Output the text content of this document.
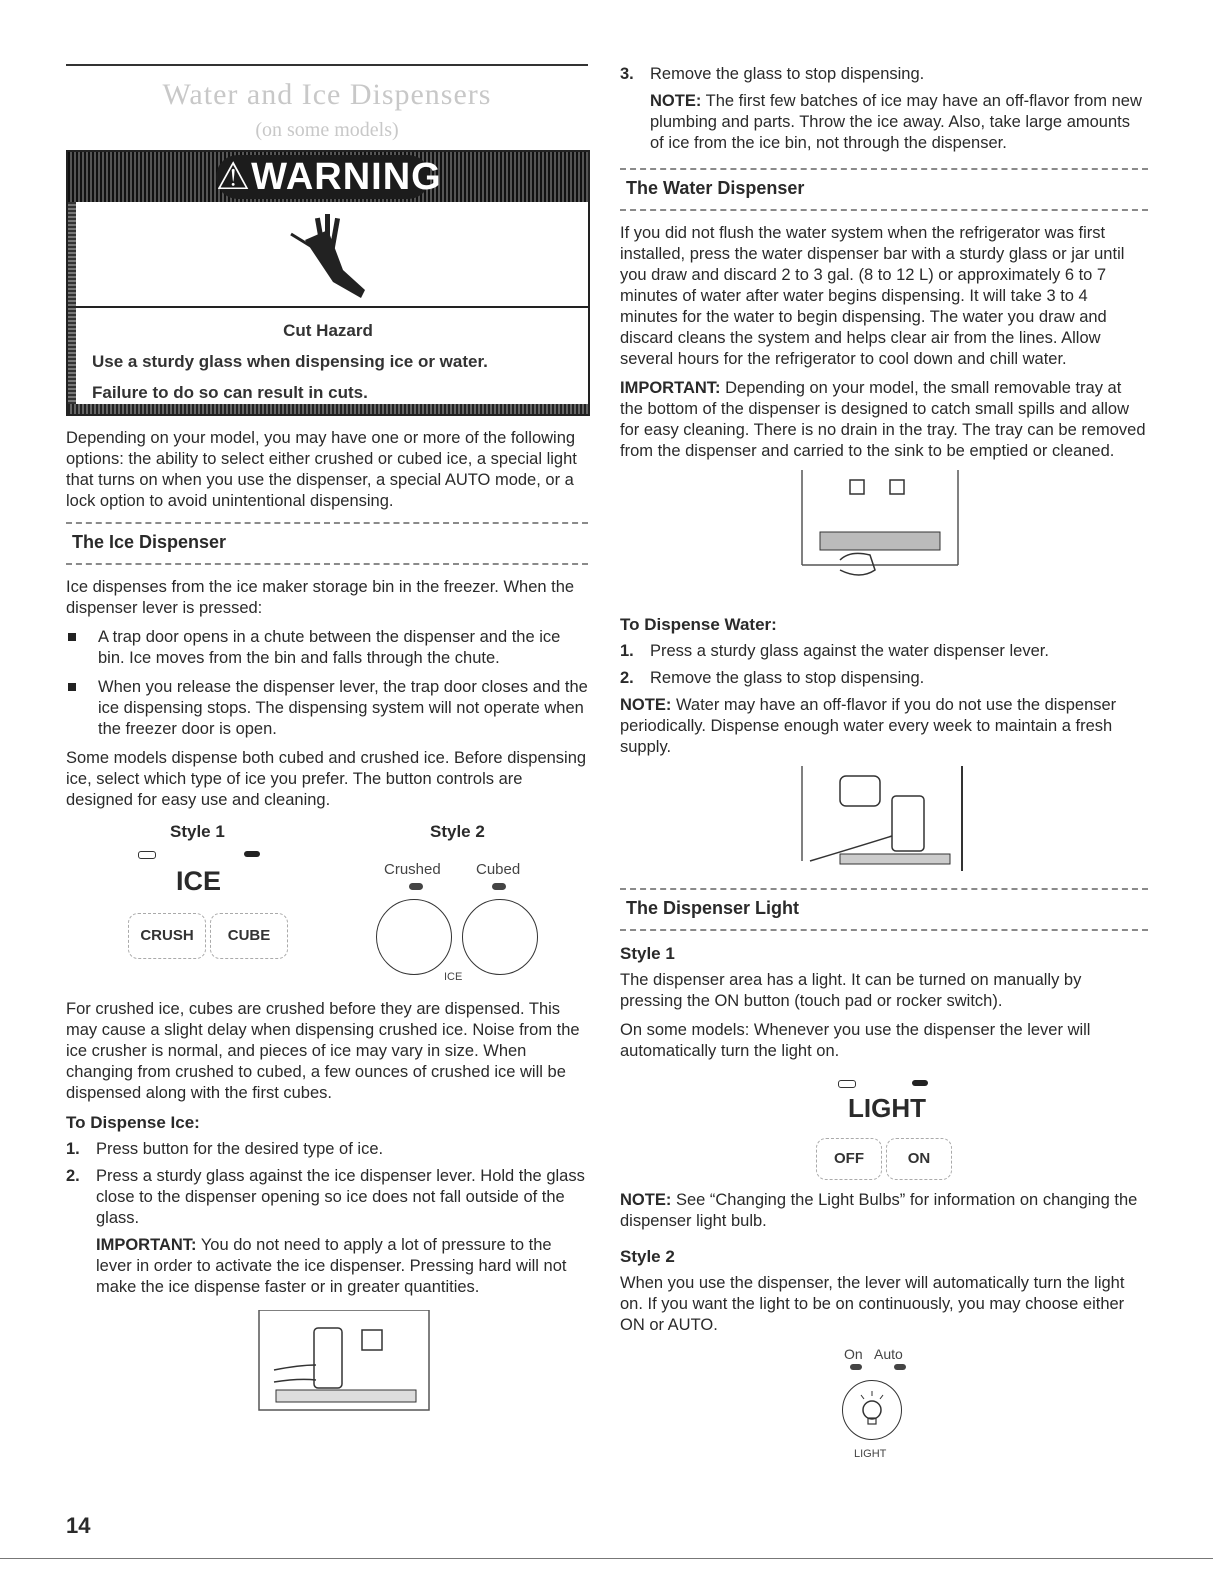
Water and Ice Dispensers
(on some models)
⚠WARNING
Cut Hazard
Use a sturdy glass when dispensing ice or water.
Failure to do so can result in cuts.

Depending on your model, you may have one or more of the following options: the ability to select either crushed or cubed ice, a special light that turns on when you use the dispenser, a special AUTO mode, or a lock option to avoid unintentional dispensing.

The Ice Dispenser

Ice dispenses from the ice maker storage bin in the freezer. When the dispenser lever is pressed:

A trap door opens in a chute between the dispenser and the ice bin. Ice moves from the bin and falls through the chute.
When you release the dispenser lever, the trap door closes and the ice dispensing stops. The dispensing system will not operate when the freezer door is open.

Some models dispense both cubed and crushed ice. Before dispensing ice, select which type of ice you prefer. The button controls are designed for easy use and cleaning.

Style 1	Style 2
ICE
CRUSH	CUBE
Crushed Cubed
ICE

For crushed ice, cubes are crushed before they are dispensed. This may cause a slight delay when dispensing crushed ice. Noise from the ice crusher is normal, and pieces of ice may vary in size. When changing from crushed to cubed, a few ounces of crushed ice will be dispensed along with the first cubes.

To Dispense Ice:
1. Press button for the desired type of ice.
2. Press a sturdy glass against the ice dispenser lever. Hold the glass close to the dispenser opening so ice does not fall outside of the glass.
IMPORTANT: You do not need to apply a lot of pressure to the lever in order to activate the ice dispenser. Pressing hard will not make the ice dispense faster or in greater quantities.
3. Remove the glass to stop dispensing.
NOTE: The first few batches of ice may have an off-flavor from new plumbing and parts. Throw the ice away. Also, take large amounts of ice from the ice bin, not through the dispenser.
The Water Dispenser

If you did not flush the water system when the refrigerator was first installed, press the water dispenser bar with a sturdy glass or jar until you draw and discard 2 to 3 gal. (8 to 12 L) or approximately 6 to 7 minutes of water after water begins dispensing. It will take 3 to 4 minutes for the water to begin dispensing. The water you draw and discard cleans the system and helps clear air from the lines. Allow several hours for the refrigerator to cool down and chill water.

IMPORTANT: Depending on your model, the small removable tray at the bottom of the dispenser is designed to catch small spills and allow for easy cleaning. There is no drain in the tray. The tray can be removed from the dispenser and carried to the sink to be emptied or cleaned.

To Dispense Water:
1. Press a sturdy glass against the water dispenser lever.
2. Remove the glass to stop dispensing.

NOTE: Water may have an off-flavor if you do not use the dispenser periodically. Dispense enough water every week to maintain a fresh supply.

The Dispenser Light
Style 1

The dispenser area has a light. It can be turned on manually by pressing the ON button (touch pad or rocker switch).

On some models: Whenever you use the dispenser the lever will automatically turn the light on.

LIGHT
OFF	ON

NOTE: See “Changing the Light Bulbs” for information on changing the dispenser light bulb.

Style 2

When you use the dispenser, the lever will automatically turn the light on. If you want the light to be on continuously, you may choose either ON or AUTO.

On Auto
LIGHT
14
